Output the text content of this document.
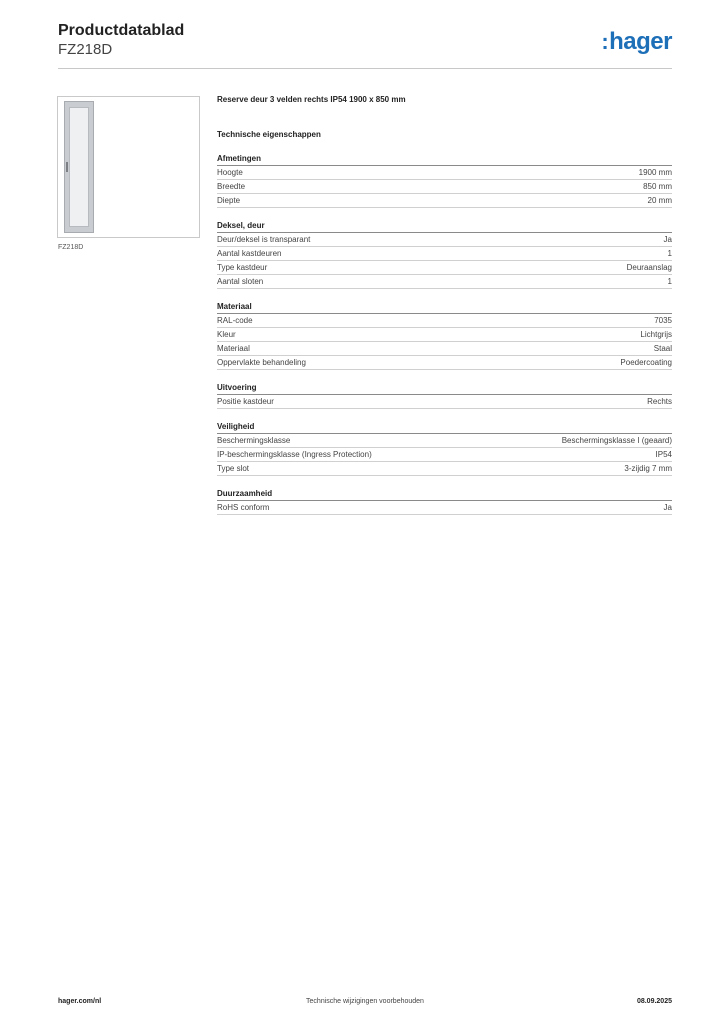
Productdatablad
FZ218D	:hager
FZ218D
Reserve deur 3 velden rechts IP54 1900 x 850 mm
Technische eigenschappen
Afmetingen
Hoogte	1900 mm
Breedte	850 mm
Diepte	20 mm
Deksel, deur
Deur/deksel is transparant	Ja
Aantal kastdeuren	1
Type kastdeur	Deuraanslag
Aantal sloten	1
Materiaal
RAL-code	7035
Kleur	Lichtgrijs
Materiaal	Staal
Oppervlakte behandeling	Poedercoating
Uitvoering
Positie kastdeur	Rechts
Veiligheid
Beschermingsklasse	Beschermingsklasse I (geaard)
IP-beschermingsklasse (Ingress Protection)	IP54
Type slot	3-zijdig 7 mm
Duurzaamheid
RoHS conform	Ja
hager.com/nl	Technische wijzigingen voorbehouden	08.09.2025
